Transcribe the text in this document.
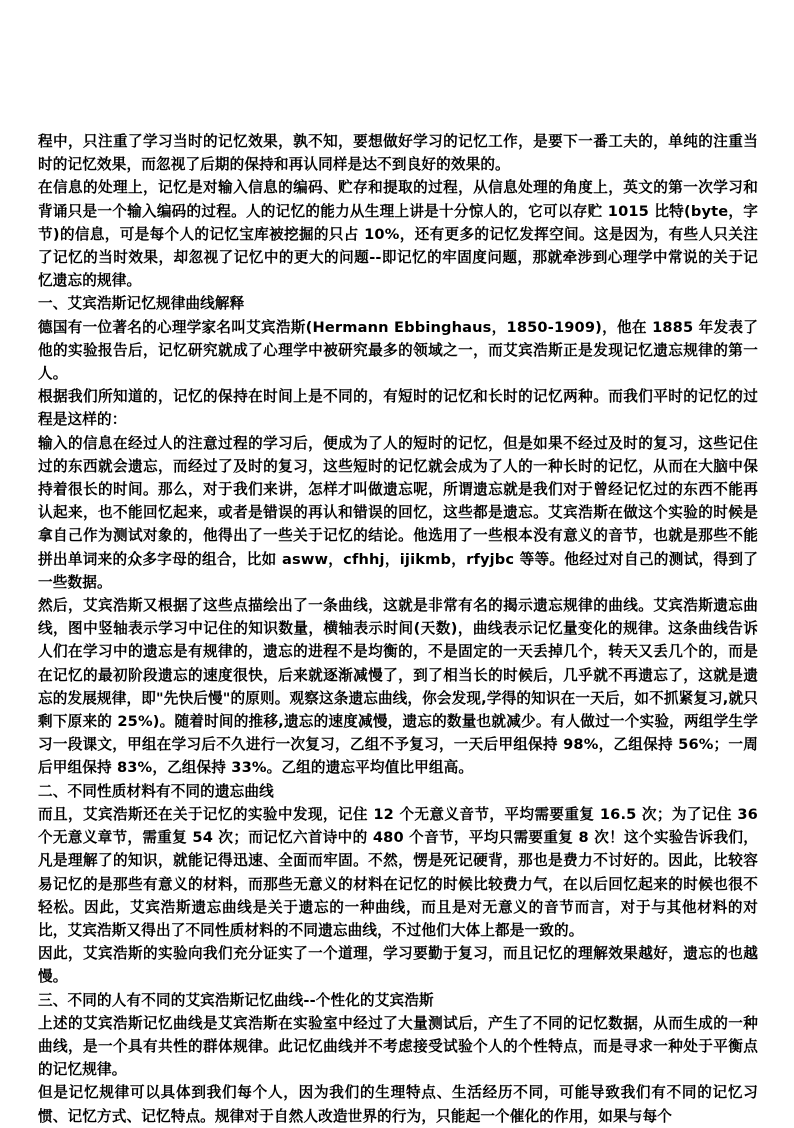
程中，只注重了学习当时的记忆效果，孰不知，要想做好学习的记忆工作，是要下一番工夫的，单纯的注重当时的记忆效果，而忽视了后期的保持和再认同样是达不到良好的效果的。

在信息的处理上，记忆是对输入信息的编码、贮存和提取的过程，从信息处理的角度上，英文的第一次学习和背诵只是一个输入编码的过程。人的记忆的能力从生理上讲是十分惊人的，它可以存贮 1015 比特(byte，字节)的信息，可是每个人的记忆宝库被挖掘的只占 10%，还有更多的记忆发挥空间。这是因为，有些人只关注了记忆的当时效果，却忽视了记忆中的更大的问题--即记忆的牢固度问题，那就牵涉到心理学中常说的关于记忆遗忘的规律。

一、艾宾浩斯记忆规律曲线解释

德国有一位著名的心理学家名叫艾宾浩斯(Hermann Ebbinghaus，1850-1909)，他在 1885 年发表了他的实验报告后，记忆研究就成了心理学中被研究最多的领域之一，而艾宾浩斯正是发现记忆遗忘规律的第一人。

根据我们所知道的，记忆的保持在时间上是不同的，有短时的记忆和长时的记忆两种。而我们平时的记忆的过程是这样的：

输入的信息在经过人的注意过程的学习后，便成为了人的短时的记忆，但是如果不经过及时的复习，这些记住过的东西就会遗忘，而经过了及时的复习，这些短时的记忆就会成为了人的一种长时的记忆，从而在大脑中保持着很长的时间。那么，对于我们来讲，怎样才叫做遗忘呢，所谓遗忘就是我们对于曾经记忆过的东西不能再认起来，也不能回忆起来，或者是错误的再认和错误的回忆，这些都是遗忘。艾宾浩斯在做这个实验的时候是拿自己作为测试对象的，他得出了一些关于记忆的结论。他选用了一些根本没有意义的音节，也就是那些不能拼出单词来的众多字母的组合，比如 asww，cfhhj，ijikmb，rfyjbc 等等。他经过对自己的测试，得到了一些数据。

然后，艾宾浩斯又根据了这些点描绘出了一条曲线，这就是非常有名的揭示遗忘规律的曲线。艾宾浩斯遗忘曲线，图中竖轴表示学习中记住的知识数量，横轴表示时间(天数)，曲线表示记忆量变化的规律。这条曲线告诉人们在学习中的遗忘是有规律的，遗忘的进程不是均衡的，不是固定的一天丢掉几个，转天又丢几个的，而是在记忆的最初阶段遗忘的速度很快，后来就逐渐减慢了，到了相当长的时候后，几乎就不再遗忘了，这就是遗忘的发展规律，即"先快后慢"的原则。观察这条遗忘曲线，你会发现,学得的知识在一天后，如不抓紧复习,就只剩下原来的 25%)。随着时间的推移,遗忘的速度减慢，遗忘的数量也就减少。有人做过一个实验，两组学生学习一段课文，甲组在学习后不久进行一次复习，乙组不予复习，一天后甲组保持 98%，乙组保持 56%；一周后甲组保持 83%，乙组保持 33%。乙组的遗忘平均值比甲组高。

二、不同性质材料有不同的遗忘曲线

而且，艾宾浩斯还在关于记忆的实验中发现，记住 12 个无意义音节，平均需要重复 16.5 次；为了记住 36 个无意义章节，需重复 54 次；而记忆六首诗中的 480 个音节，平均只需要重复 8 次！这个实验告诉我们，凡是理解了的知识，就能记得迅速、全面而牢固。不然，愣是死记硬背，那也是费力不讨好的。因此，比较容易记忆的是那些有意义的材料，而那些无意义的材料在记忆的时候比较费力气，在以后回忆起来的时候也很不轻松。因此，艾宾浩斯遗忘曲线是关于遗忘的一种曲线，而且是对无意义的音节而言，对于与其他材料的对比，艾宾浩斯又得出了不同性质材料的不同遗忘曲线，不过他们大体上都是一致的。

因此，艾宾浩斯的实验向我们充分证实了一个道理，学习要勤于复习，而且记忆的理解效果越好，遗忘的也越慢。

三、不同的人有不同的艾宾浩斯记忆曲线--个性化的艾宾浩斯

上述的艾宾浩斯记忆曲线是艾宾浩斯在实验室中经过了大量测试后，产生了不同的记忆数据，从而生成的一种曲线，是一个具有共性的群体规律。此记忆曲线并不考虑接受试验个人的个性特点，而是寻求一种处于平衡点的记忆规律。

但是记忆规律可以具体到我们每个人，因为我们的生理特点、生活经历不同，可能导致我们有不同的记忆习惯、记忆方式、记忆特点。规律对于自然人改造世界的行为，只能起一个催化的作用，如果与每个
